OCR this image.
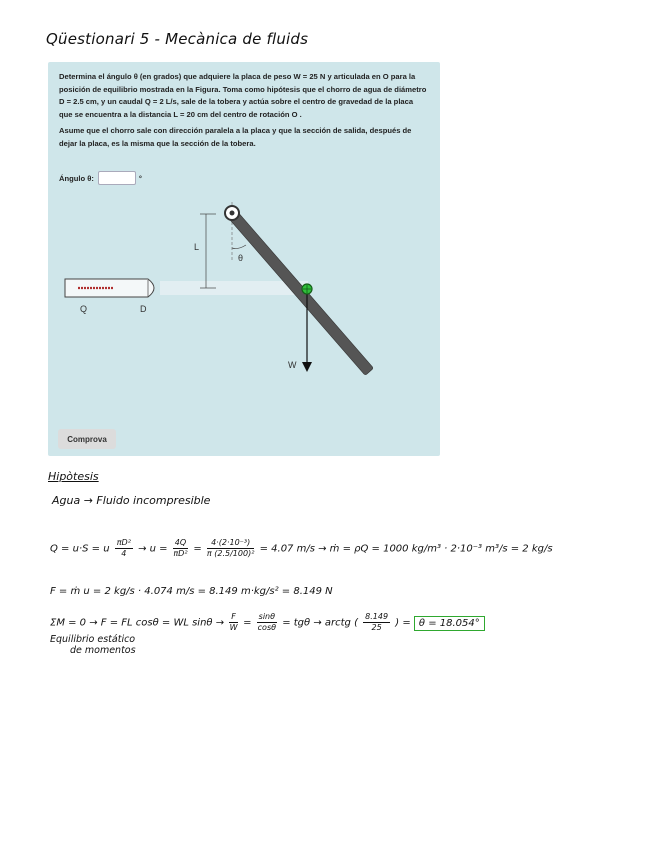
Qüestionari 5 - Mecànica de fluids

Determina el ángulo θ (en grados) que adquiere la placa de peso W = 25 N y articulada en O para la posición de equilibrio mostrada en la Figura. Toma como hipótesis que el chorro de agua de diámetro D = 2.5 cm, y un caudal Q = 2 L/s, sale de la tobera y actúa sobre el centro de gravedad de la placa que se encuentra a la distancia L = 20 cm del centro de rotación O .

Asume que el chorro sale con dirección paralela a la placa y que la sección de salida, después de dejar la placa, es la misma que la sección de la tobera.

Ángulo θ:	°
Q	D
L
θ
W
Comprova
Hipòtesis
Agua → Fluido incompresible
Q = u·S = u $\frac{\text{πD²}}{4} \to u = \frac{4Q}{\text{πD²}} = \frac{\text{4·(2·10⁻³)}}{\text{π (2.5/100)²}} = 4.07$ m/s → ṁ = ρQ = 1000 kg/m³ · 2·10⁻³ m³/s = 2 kg/s
F = ṁ u = 2 kg/s · 4.074 m/s = 8.149 m·kg/s² = 8.149 N
ΣM = 0 → F = FL cosθ = WL $\sin\theta \to \frac{F}{W} = \frac{\sin\theta}{\cos\theta} = tg\theta$ → arctg ( $\frac{8.149}{25}$ ) = θ = 18.054°
Equilibrio estático
de momentos
